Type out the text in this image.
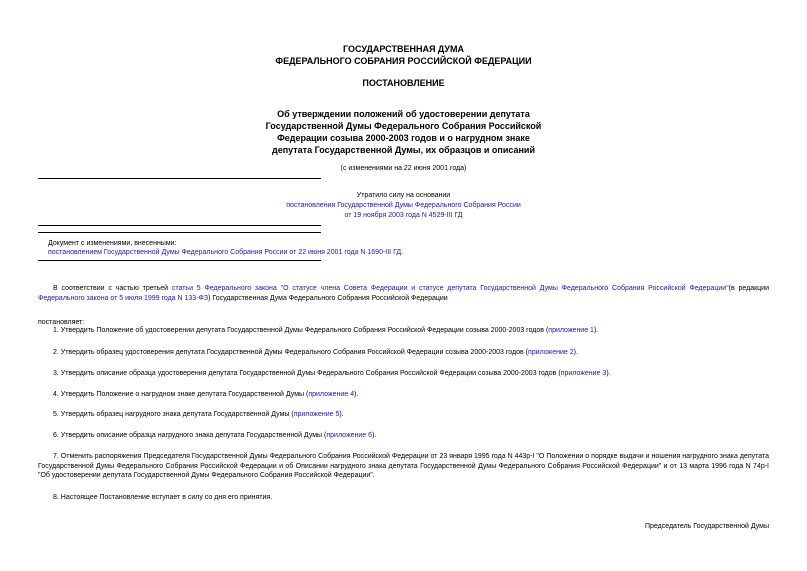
ГОСУДАРСТВЕННАЯ ДУМА
ФЕДЕРАЛЬНОГО СОБРАНИЯ РОССИЙСКОЙ ФЕДЕРАЦИИ
ПОСТАНОВЛЕНИЕ
Об утверждении положений об удостоверении депутата
Государственной Думы Федерального Собрания Российской
Федерации созыва 2000-2003 годов и о нагрудном знаке
депутата Государственной Думы, их образцов и описаний
(с изменениями на 22 июня 2001 года)
Утратило силу на основании
постановления Государственной Думы Федерального Собрания России
от 19 ноября 2003 года N 4529-III ГД
Документ с изменениями, внесенными:
постановлением Государственной Думы Федерального Собрания России от 22 июня 2001 года N 1690-III ГД.
В соответствии с частью третьей статьи 5 Федерального закона "О статусе члена Совета Федерации и статусе депутата Государственной Думы Федерального Собрания Российской Федерации"(в редакции Федерального закона от 5 июля 1999 года N 133-ФЗ) Государственная Дума Федерального Собрания Российской Федерации
постановляет:
1. Утвердить Положение об удостоверении депутата Государственной Думы Федерального Собрания Российской Федерации созыва 2000-2003 годов (приложение 1).
2. Утвердить образец удостоверения депутата Государственной Думы Федерального Собрания Российской Федерации созыва 2000-2003 годов (приложение 2).
3. Утвердить описание образца удостоверения депутата Государственной Думы Федерального Собрания Российской Федерации созыва 2000-2003 годов (приложение 3).
4. Утвердить Положение о нагрудном знаке депутата Государственной Думы (приложение 4).
5. Утвердить образец нагрудного знака депутата Государственной Думы (приложение 5).
6. Утвердить описание образца нагрудного знака депутата Государственной Думы (приложение 6).
7. Отменить распоряжения Председателя Государственной Думы Федерального Собрания Российской Федерации от 23 января 1995 года N 443р-I "О Положении о порядке выдачи и ношения нагрудного знака депутата Государственной Думы Федерального Собрания Российской Федерации и об Описании нагрудного знака депутата Государственной Думы Федерального Собрания Российской Федерации" и от 13 марта 1996 года N 74р-I "Об удостоверении депутата Государственной Думы Федерального Собрания Российской Федерации".
8. Настоящее Постановление вступает в силу со дня его принятия.
Председатель Государственной Думы
